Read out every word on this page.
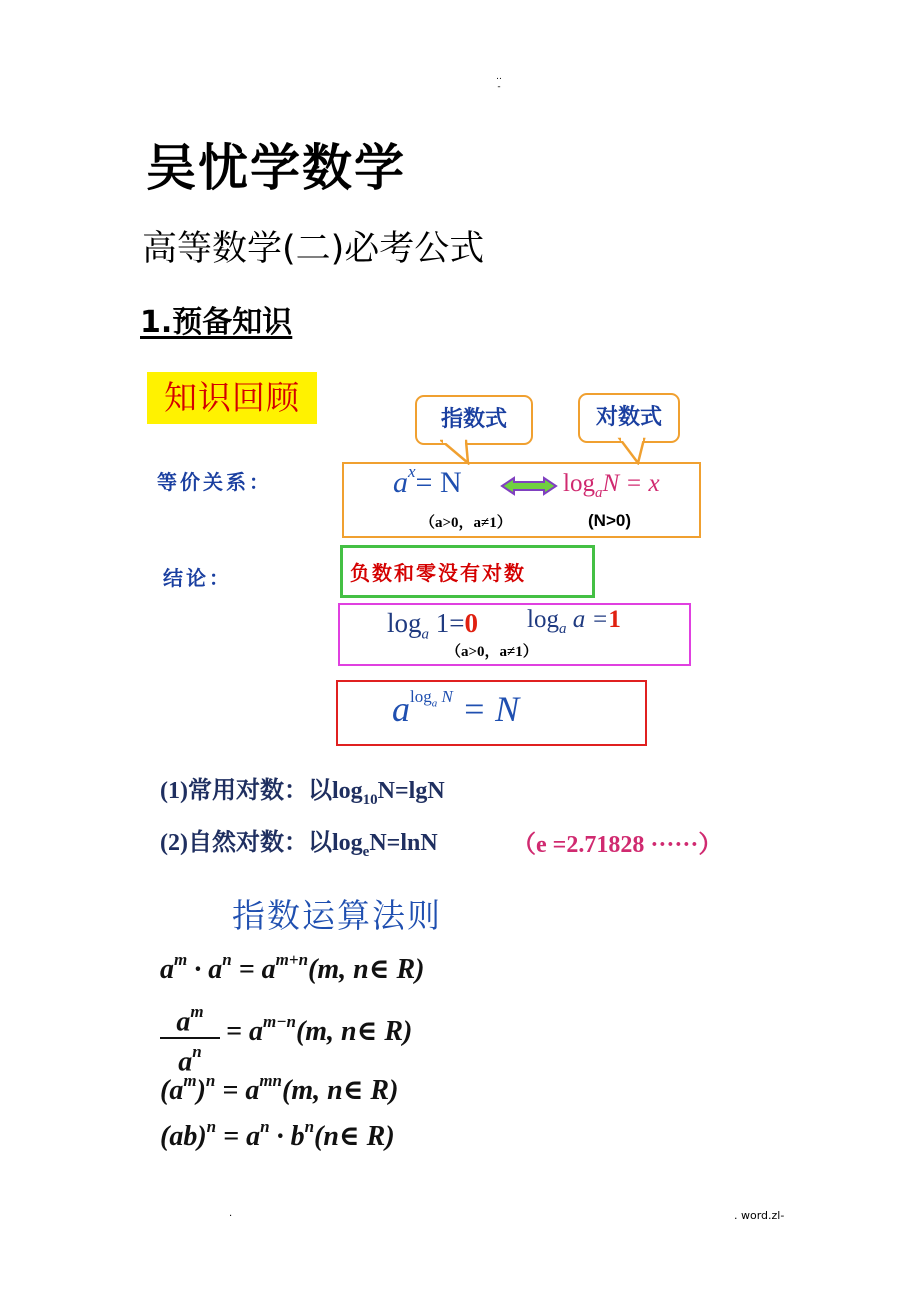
..
-
吴忧学数学
高等数学(二)必考公式
1.预备知识
知识回顾
指数式	对数式
等价关系：
结论：
$a^x= N$	$\log_aN = x$
（a>0，a≠1）	(N>0)
负数和零没有对数
$\log_a 1=0$ $\log_a a =1$
（a>0，a≠1）
$a^{log_a N} = N$
(1)常用对数：以$\log_{10}N=\lg N$
(2)自然对数：以$\log_eN=\ln N$	（e =2.71828 ······）
指数运算法则
$a^m \cdot a^n = a^{m+n}(m$, n∈ R)
$a^m$
$a^n$
= $a^{m-n}(m$, n∈ R)
$(a^m)^n = a^{mn}(m$, n∈ R)
$(ab)^n = a^n$ · $b^n(n\in$ R)
.	. word.zl-
